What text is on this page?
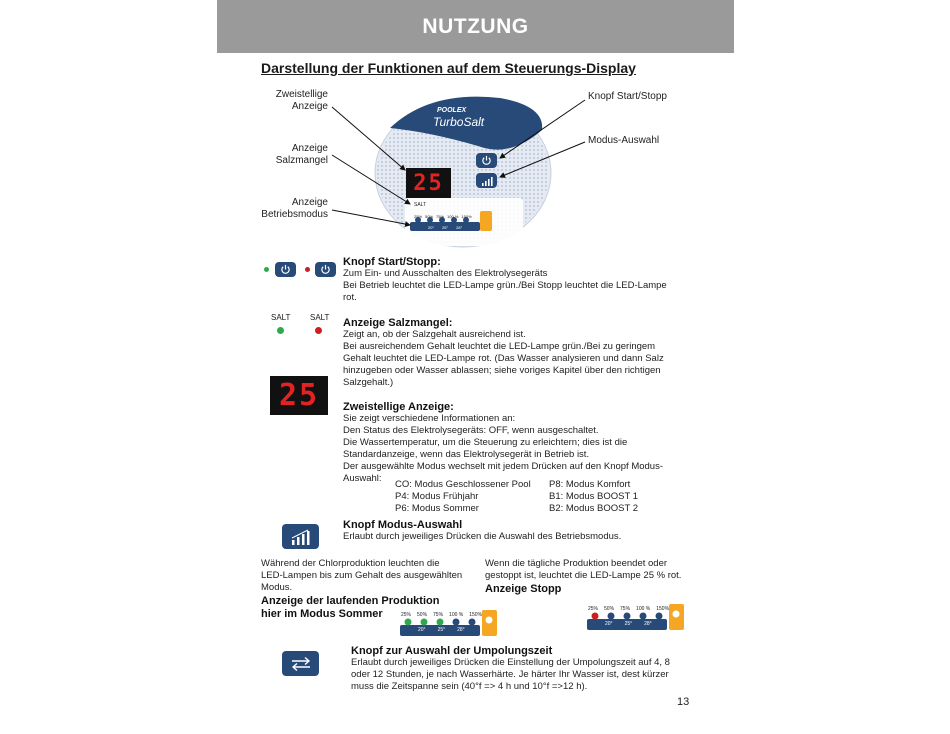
NUTZUNG
Darstellung der Funktionen auf dem Steuerungs-Display
POOLEX
TurboSalt
25
SALT
25% 50% 75% 100 % 150%
20° 25° 28°
Zweistellige Anzeige
Anzeige Salzmangel
Anzeige Betriebsmodus
Knopf Start/Stopp
Modus-Auswahl
Knopf Start/Stopp:
Zum Ein- und Ausschalten des Elektrolysegeräts
Bei Betrieb leuchtet die LED-Lampe grün./Bei Stopp leuchtet die LED-Lampe
rot.
SALT SALT Anzeige Salzmangel:
Zeigt an, ob der Salzgehalt ausreichend ist.
Bei ausreichendem Gehalt leuchtet die LED-Lampe grün./Bei zu geringem
Gehalt leuchtet die LED-Lampe rot. (Das Wasser analysieren und dann Salz
hinzugeben oder Wasser ablassen; siehe voriges Kapitel über den richtigen
Salzgehalt.)
25	Zweistellige Anzeige:
Sie zeigt verschiedene Informationen an:
Den Status des Elektrolysegeräts: OFF, wenn ausgeschaltet.
Die Wassertemperatur, um die Steuerung zu erleichtern; dies ist die
Standardanzeige, wenn das Elektrolysegerät in Betrieb ist.
Der ausgewählte Modus wechselt mit jedem Drücken auf den Knopf Modus-
Auswahl:
CO: Modus Geschlossener Pool
P4: Modus Frühjahr
P6: Modus Sommer
P8: Modus Komfort
B1: Modus BOOST 1
B2: Modus BOOST 2
Knopf Modus-Auswahl
Erlaubt durch jeweiliges Drücken die Auswahl des Betriebsmodus.
Während der Chlorproduktion leuchten die
LED-Lampen bis zum Gehalt des ausgewählten
Modus.
Anzeige der laufenden Produktion
hier im Modus Sommer	25% 50% 75% 100 % 150%
20° 25° 28°
Wenn die tägliche Produktion beendet oder
gestoppt ist, leuchtet die LED-Lampe 25 % rot.
Anzeige Stopp
25% 50% 75% 100 % 150%
20° 25° 28°
Knopf zur Auswahl der Umpolungszeit
Erlaubt durch jeweiliges Drücken die Einstellung der Umpolungszeit auf 4, 8
oder 12 Stunden, je nach Wasserhärte. Je härter Ihr Wasser ist, dest kürzer
muss die Zeitspanne sein (40°f => 4 h und 10°f =>12 h).
13
